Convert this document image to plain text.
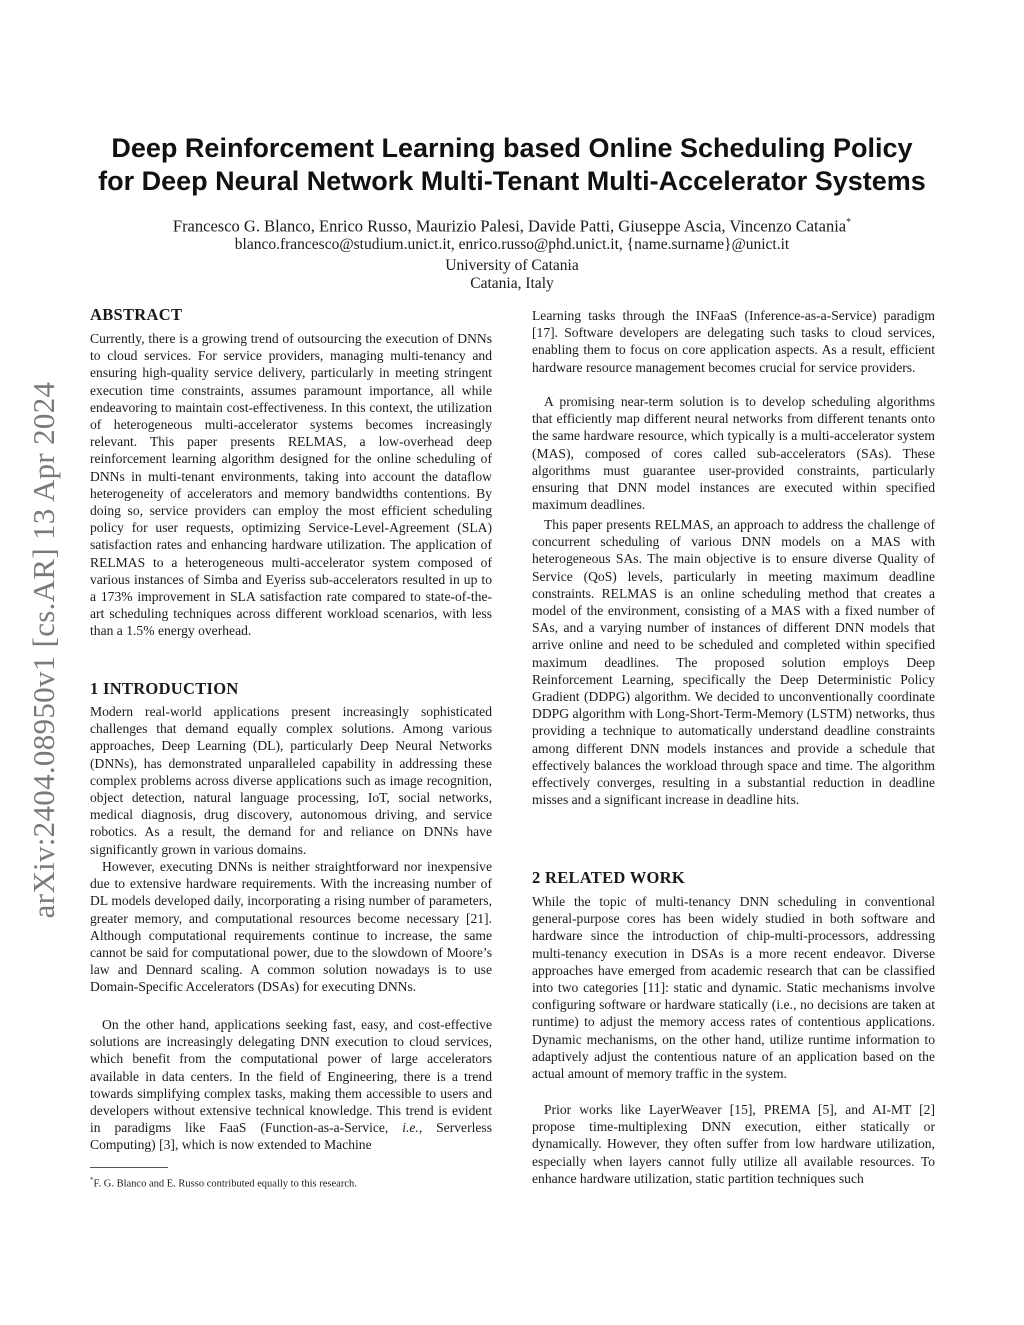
arXiv:2404.08950v1 [cs.AR] 13 Apr 2024
Deep Reinforcement Learning based Online Scheduling Policy
for Deep Neural Network Multi-Tenant Multi-Accelerator Systems
Francesco G. Blanco, Enrico Russo, Maurizio Palesi, Davide Patti, Giuseppe Ascia, Vincenzo Catania*
blanco.francesco@studium.unict.it, enrico.russo@phd.unict.it, {name.surname}@unict.it
University of Catania
Catania, Italy
ABSTRACT
Currently, there is a growing trend of outsourcing the execution of DNNs to cloud services. For service providers, managing multi-tenancy and ensuring high-quality service delivery, particularly in meeting stringent execution time constraints, assumes paramount importance, all while endeavoring to maintain cost-effectiveness. In this context, the utilization of heterogeneous multi-accelerator systems becomes increasingly relevant. This paper presents RELMAS, a low-overhead deep reinforcement learning algorithm designed for the online scheduling of DNNs in multi-tenant environments, taking into account the dataflow heterogeneity of accelerators and memory bandwidths contentions. By doing so, service providers can employ the most efficient scheduling policy for user requests, optimizing Service-Level-Agreement (SLA) satisfaction rates and enhancing hardware utilization. The application of RELMAS to a heterogeneous multi-accelerator system composed of various instances of Simba and Eyeriss sub-accelerators resulted in up to a 173% improvement in SLA satisfaction rate compared to state-of-the-art scheduling techniques across different workload scenarios, with less than a 1.5% energy overhead.
1 INTRODUCTION
Modern real-world applications present increasingly sophisticated challenges that demand equally complex solutions. Among various approaches, Deep Learning (DL), particularly Deep Neural Networks (DNNs), has demonstrated unparalleled capability in addressing these complex problems across diverse applications such as image recognition, object detection, natural language processing, IoT, social networks, medical diagnosis, drug discovery, autonomous driving, and service robotics. As a result, the demand for and reliance on DNNs have significantly grown in various domains.
However, executing DNNs is neither straightforward nor inexpensive due to extensive hardware requirements. With the increasing number of DL models developed daily, incorporating a rising number of parameters, greater memory, and computational resources become necessary [21]. Although computational requirements continue to increase, the same cannot be said for computational power, due to the slowdown of Moore’s law and Dennard scaling. A common solution nowadays is to use Domain-Specific Accelerators (DSAs) for executing DNNs.
On the other hand, applications seeking fast, easy, and cost-effective solutions are increasingly delegating DNN execution to cloud services, which benefit from the computational power of large accelerators available in data centers. In the field of Engineering, there is a trend towards simplifying complex tasks, making them accessible to users and developers without extensive technical knowledge. This trend is evident in paradigms like FaaS (Function-as-a-Service, i.e., Serverless Computing) [3], which is now extended to Machine
*F. G. Blanco and E. Russo contributed equally to this research.
Learning tasks through the INFaaS (Inference-as-a-Service) paradigm [17]. Software developers are delegating such tasks to cloud services, enabling them to focus on core application aspects. As a result, efficient hardware resource management becomes crucial for service providers.
A promising near-term solution is to develop scheduling algorithms that efficiently map different neural networks from different tenants onto the same hardware resource, which typically is a multi-accelerator system (MAS), composed of cores called sub-accelerators (SAs). These algorithms must guarantee user-provided constraints, particularly ensuring that DNN model instances are executed within specified maximum deadlines.
This paper presents RELMAS, an approach to address the challenge of concurrent scheduling of various DNN models on a MAS with heterogeneous SAs. The main objective is to ensure diverse Quality of Service (QoS) levels, particularly in meeting maximum deadline constraints. RELMAS is an online scheduling method that creates a model of the environment, consisting of a MAS with a fixed number of SAs, and a varying number of instances of different DNN models that arrive online and need to be scheduled and completed within specified maximum deadlines. The proposed solution employs Deep Reinforcement Learning, specifically the Deep Deterministic Policy Gradient (DDPG) algorithm. We decided to unconventionally coordinate DDPG algorithm with Long-Short-Term-Memory (LSTM) networks, thus providing a technique to automatically understand deadline constraints among different DNN models instances and provide a schedule that effectively balances the workload through space and time. The algorithm effectively converges, resulting in a substantial reduction in deadline misses and a significant increase in deadline hits.
2 RELATED WORK
While the topic of multi-tenancy DNN scheduling in conventional general-purpose cores has been widely studied in both software and hardware since the introduction of chip-multi-processors, addressing multi-tenancy execution in DSAs is a more recent endeavor. Diverse approaches have emerged from academic research that can be classified into two categories [11]: static and dynamic. Static mechanisms involve configuring software or hardware statically (i.e., no decisions are taken at runtime) to adjust the memory access rates of contentious applications. Dynamic mechanisms, on the other hand, utilize runtime information to adaptively adjust the contentious nature of an application based on the actual amount of memory traffic in the system.
Prior works like LayerWeaver [15], PREMA [5], and AI-MT [2] propose time-multiplexing DNN execution, either statically or dynamically. However, they often suffer from low hardware utilization, especially when layers cannot fully utilize all available resources. To enhance hardware utilization, static partition techniques such
